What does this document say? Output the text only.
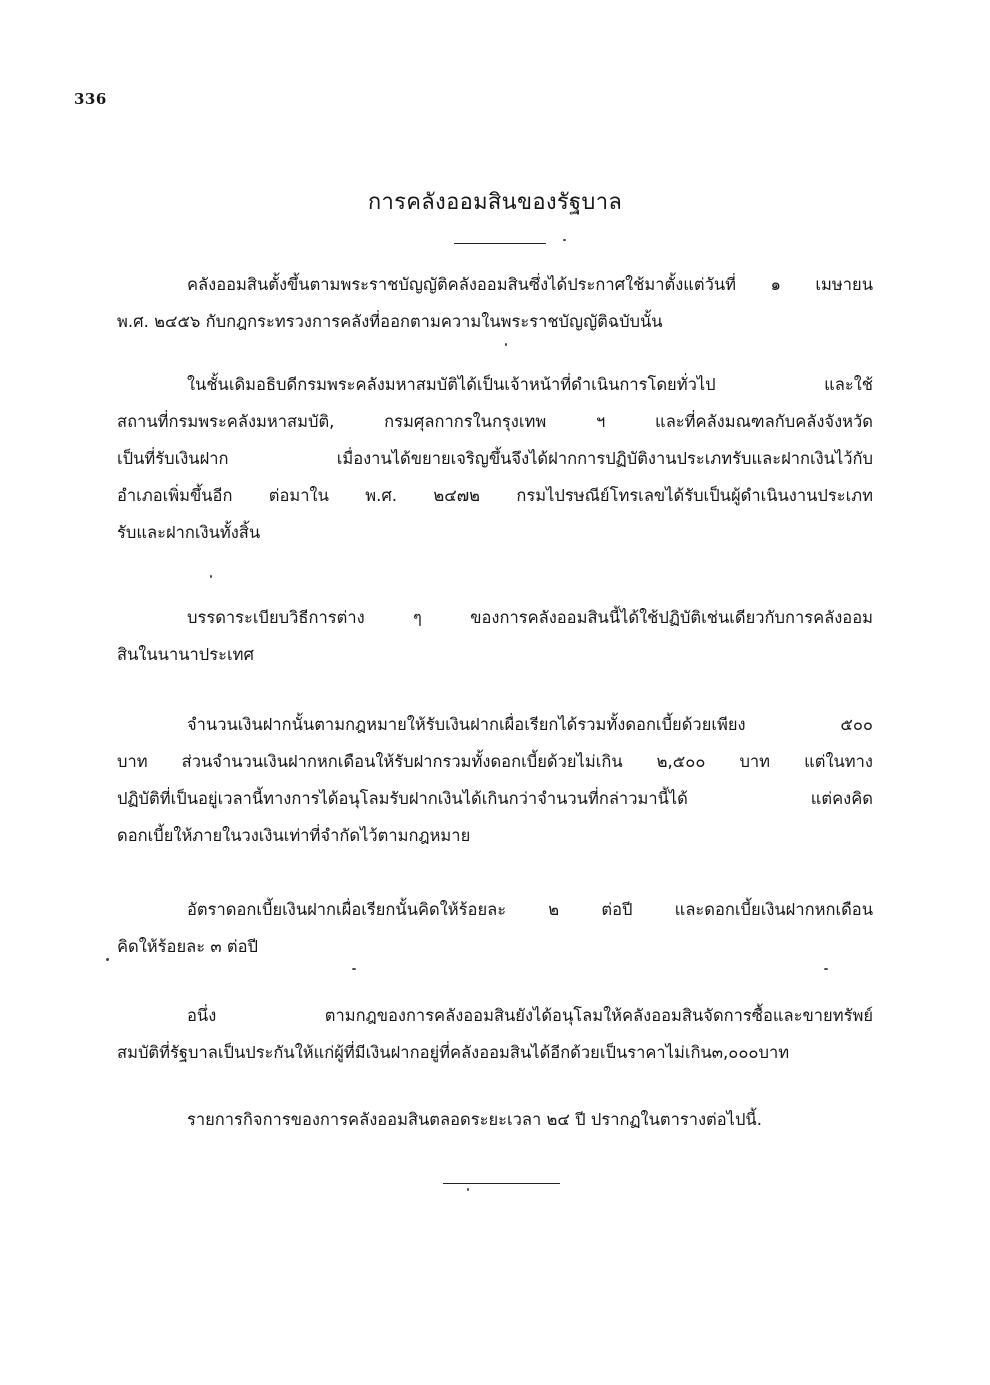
336
การคลังออมสินของรัฐบาล

คลังออมสินตั้งขึ้นตามพระราชบัญญัติคลังออมสินซึ่งได้ประกาศใช้มาตั้งแต่วันที่ ๑ เมษายน
พ.ศ. ๒๔๕๖ กับกฎกระทรวงการคลังที่ออกตามความในพระราชบัญญัติฉบับนั้น

ในชั้นเดิมอธิบดีกรมพระคลังมหาสมบัติได้เป็นเจ้าหน้าที่ดำเนินการโดยทั่วไป และใช้
สถานที่กรมพระคลังมหาสมบัติ, กรมศุลกากรในกรุงเทพ ฯ และที่คลังมณฑลกับคลังจังหวัด
เป็นที่รับเงินฝาก เมื่องานได้ขยายเจริญขึ้นจึงได้ฝากการปฏิบัติงานประเภทรับและฝากเงินไว้กับ
อำเภอเพิ่มขึ้นอีก ต่อมาใน พ.ศ. ๒๔๗๒ กรมไปรษณีย์โทรเลขได้รับเป็นผู้ดำเนินงานประเภท
รับและฝากเงินทั้งสิ้น

บรรดาระเบียบวิธีการต่าง ๆ ของการคลังออมสินนี้ได้ใช้ปฏิบัติเช่นเดียวกับการคลังออม
สินในนานาประเทศ

จำนวนเงินฝากนั้นตามกฎหมายให้รับเงินฝากเผื่อเรียกได้รวมทั้งดอกเบี้ยด้วยเพียง ๕๐๐
บาท ส่วนจำนวนเงินฝากหกเดือนให้รับฝากรวมทั้งดอกเบี้ยด้วยไม่เกิน ๒,๕๐๐ บาท แต่ในทาง
ปฏิบัติที่เป็นอยู่เวลานี้ทางการได้อนุโลมรับฝากเงินได้เกินกว่าจำนวนที่กล่าวมานี้ได้ แต่คงคิด
ดอกเบี้ยให้ภายในวงเงินเท่าที่จำกัดไว้ตามกฎหมาย

อัตราดอกเบี้ยเงินฝากเผื่อเรียกนั้นคิดให้ร้อยละ ๒ ต่อปี และดอกเบี้ยเงินฝากหกเดือน
คิดให้ร้อยละ ๓ ต่อปี

อนึ่ง ตามกฎของการคลังออมสินยังได้อนุโลมให้คลังออมสินจัดการซื้อและขายทรัพย์
สมบัติที่รัฐบาลเป็นประกันให้แก่ผู้ที่มีเงินฝากอยู่ที่คลังออมสินได้อีกด้วยเป็นราคาไม่เกิน๓,๐๐๐บาท

รายการกิจการของการคลังออมสินตลอดระยะเวลา ๒๔ ปี ปรากฏในตารางต่อไปนี้.
